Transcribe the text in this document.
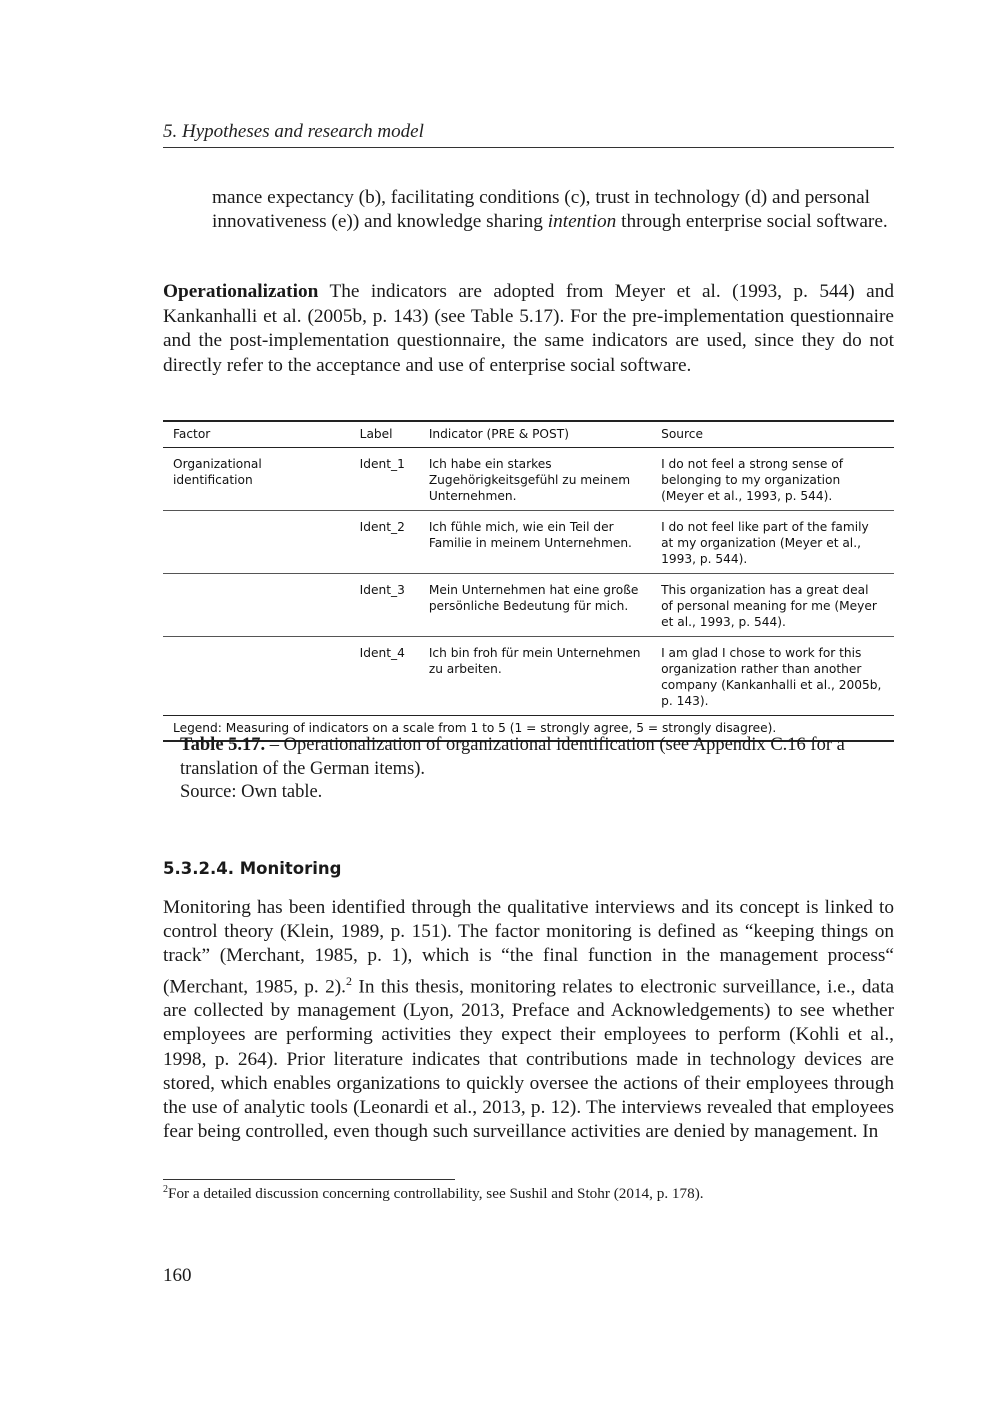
5. Hypotheses and research model

mance expectancy (b), facilitating conditions (c), trust in technology (d) and personal innovativeness (e)) and knowledge sharing intention through enterprise social software.

Operationalization The indicators are adopted from Meyer et al. (1993, p. 544) and Kankanhalli et al. (2005b, p. 143) (see Table 5.17). For the pre-implementation questionnaire and the post-implementation questionnaire, the same indicators are used, since they do not directly refer to the acceptance and use of enterprise social software.

Factor	Label	Indicator (PRE & POST)	Source
Organizational identification	Ident_1	Ich habe ein starkes Zugehörigkeitsgefühl zu meinem Unternehmen.	I do not feel a strong sense of belonging to my organization (Meyer et al., 1993, p. 544).
	Ident_2	Ich fühle mich, wie ein Teil der Familie in meinem Unternehmen.	I do not feel like part of the family at my organization (Meyer et al., 1993, p. 544).
	Ident_3	Mein Unternehmen hat eine große persönliche Bedeutung für mich.	This organization has a great deal of personal meaning for me (Meyer et al., 1993, p. 544).
	Ident_4	Ich bin froh für mein Unternehmen zu arbeiten.	I am glad I chose to work for this organization rather than another company (Kankanhalli et al., 2005b, p. 143).
Legend: Measuring of indicators on a scale from 1 to 5 (1 = strongly agree, 5 = strongly disagree).			
Table 5.17. – Operationalization of organizational identification (see Appendix C.16 for a translation of the German items).
Source: Own table.
5.3.2.4. Monitoring

Monitoring has been identified through the qualitative interviews and its concept is linked to control theory (Klein, 1989, p. 151). The factor monitoring is defined as “keeping things on track” (Merchant, 1985, p. 1), which is “the final function in the management process“ (Merchant, 1985, p. 2).$^2$ In this thesis, monitoring relates to electronic surveillance, i.e., data are collected by management (Lyon, 2013, Preface and Acknowledgements) to see whether employees are performing activities they expect their employees to perform (Kohli et al., 1998, p. 264). Prior literature indicates that contributions made in technology devices are stored, which enables organizations to quickly oversee the actions of their employees through the use of analytic tools (Leonardi et al., 2013, p. 12). The interviews revealed that employees fear being controlled, even though such surveillance activities are denied by management. In

$^2$For a detailed discussion concerning controllability, see Sushil and Stohr (2014, p. 178).
160
